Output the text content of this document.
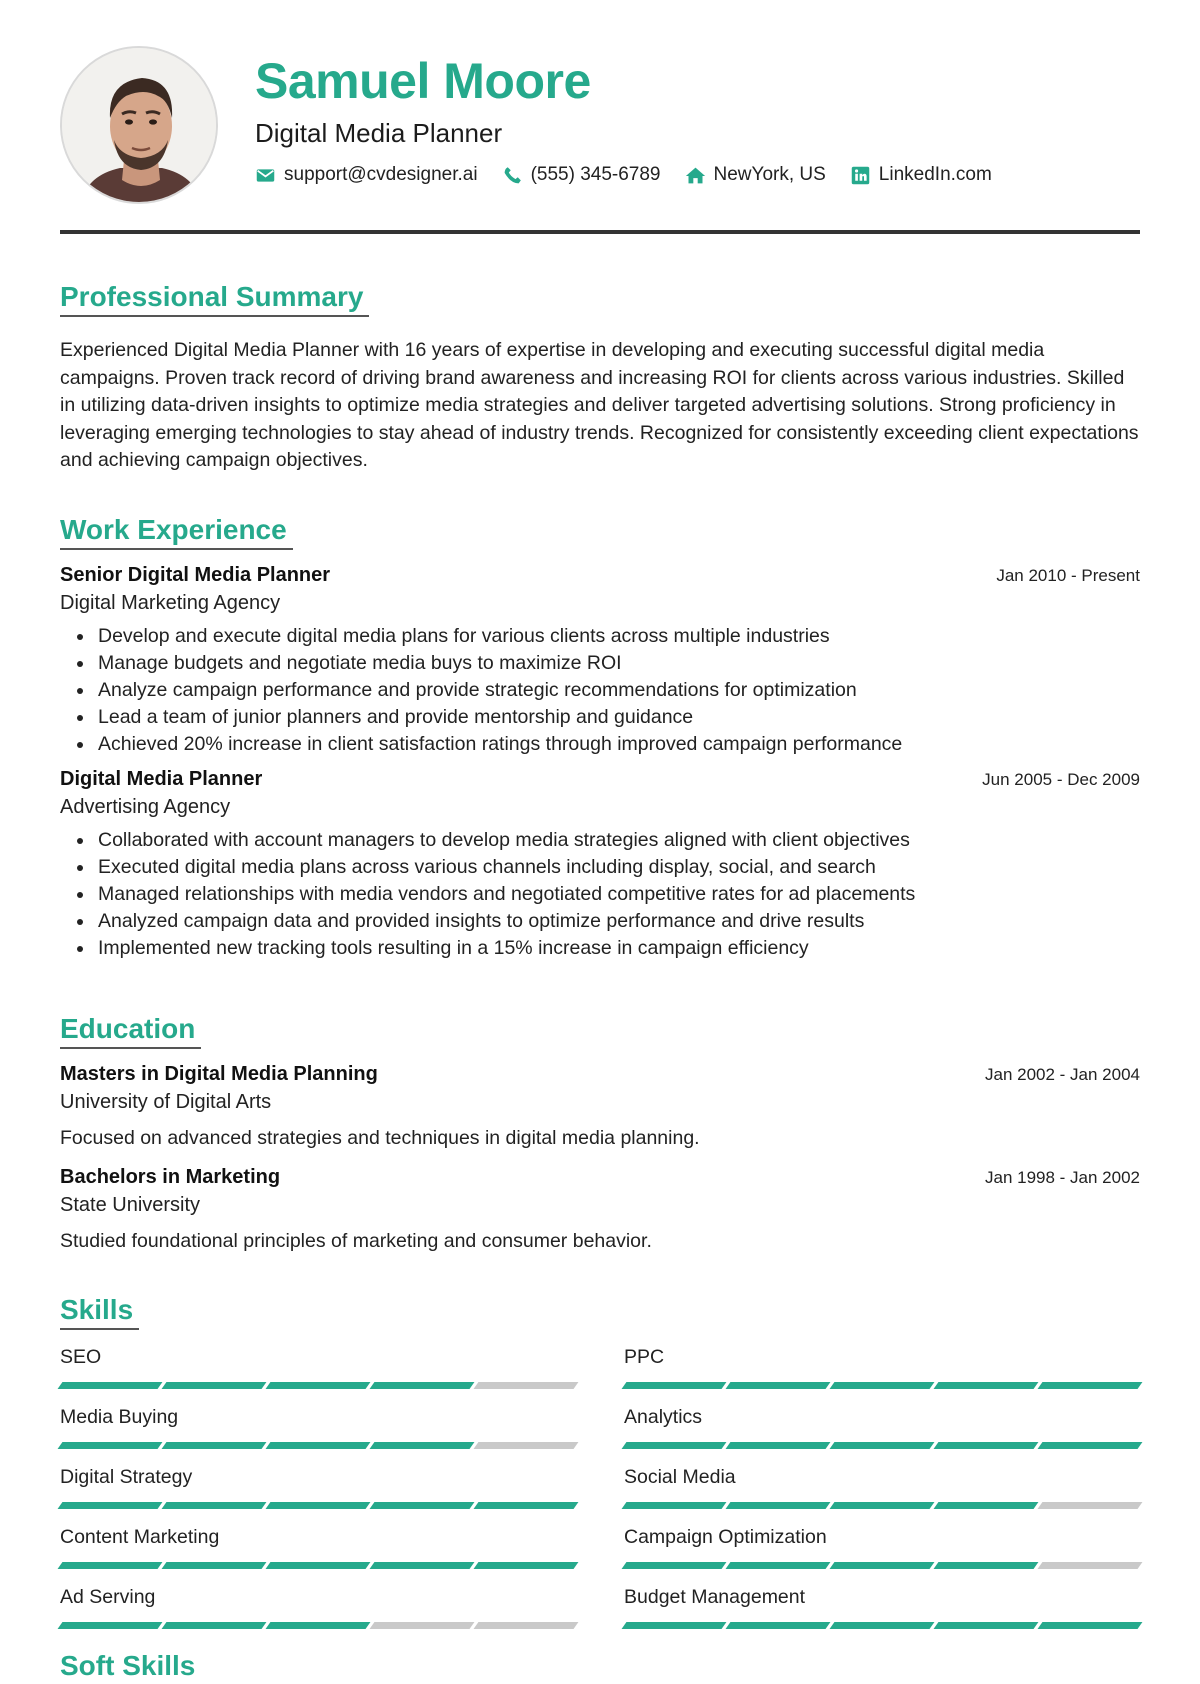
Samuel Moore
Digital Media Planner
support@cvdesigner.ai	(555) 345-6789	NewYork, US	LinkedIn.com
Professional Summary
Experienced Digital Media Planner with 16 years of expertise in developing and executing successful digital media campaigns. Proven track record of driving brand awareness and increasing ROI for clients across various industries. Skilled in utilizing data-driven insights to optimize media strategies and deliver targeted advertising solutions. Strong proficiency in leveraging emerging technologies to stay ahead of industry trends. Recognized for consistently exceeding client expectations and achieving campaign objectives.
Work Experience
Senior Digital Media Planner	Jan 2010 - Present
Digital Marketing Agency
Develop and execute digital media plans for various clients across multiple industries
Manage budgets and negotiate media buys to maximize ROI
Analyze campaign performance and provide strategic recommendations for optimization
Lead a team of junior planners and provide mentorship and guidance
Achieved 20% increase in client satisfaction ratings through improved campaign performance
Digital Media Planner	Jun 2005 - Dec 2009
Advertising Agency
Collaborated with account managers to develop media strategies aligned with client objectives
Executed digital media plans across various channels including display, social, and search
Managed relationships with media vendors and negotiated competitive rates for ad placements
Analyzed campaign data and provided insights to optimize performance and drive results
Implemented new tracking tools resulting in a 15% increase in campaign efficiency
Education
Masters in Digital Media Planning	Jan 2002 - Jan 2004
University of Digital Arts
Focused on advanced strategies and techniques in digital media planning.
Bachelors in Marketing	Jan 1998 - Jan 2002
State University
Studied foundational principles of marketing and consumer behavior.
Skills
SEO	PPC
Media Buying	Analytics
Digital Strategy	Social Media
Content Marketing	Campaign Optimization
Ad Serving	Budget Management
Soft Skills
